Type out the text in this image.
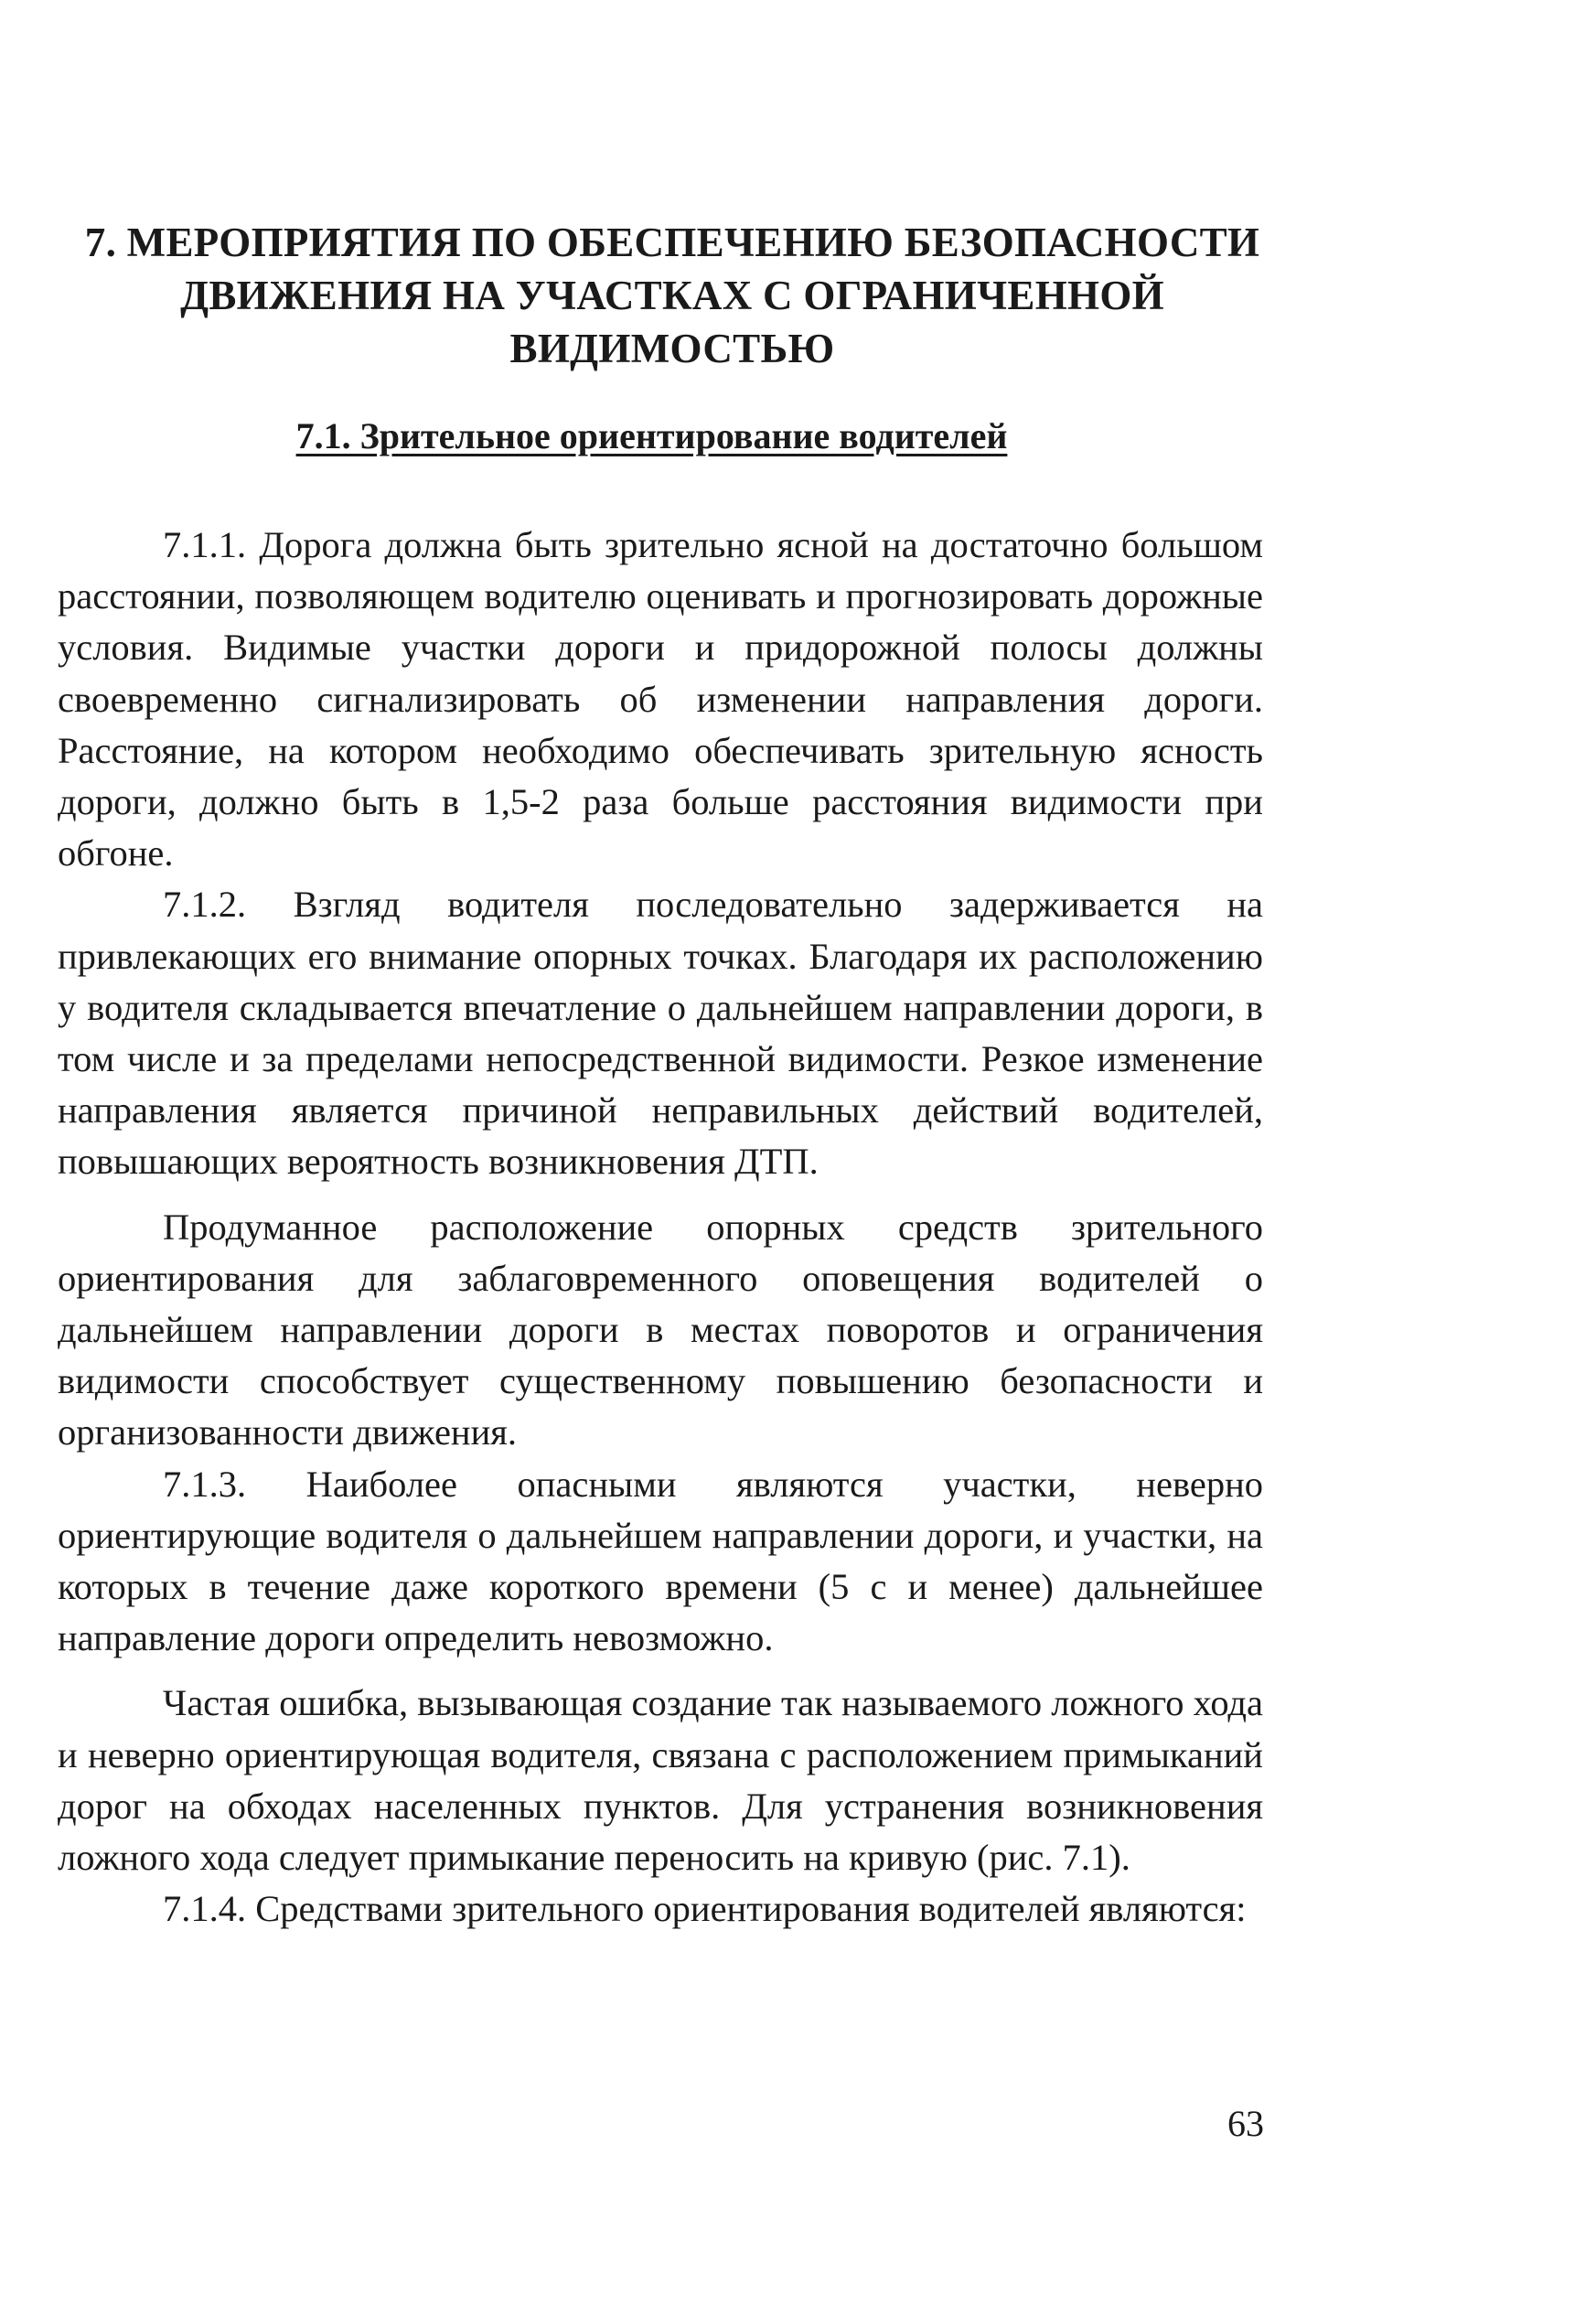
7. МЕРОПРИЯТИЯ ПО ОБЕСПЕЧЕНИЮ БЕЗОПАСНОСТИ
ДВИЖЕНИЯ НА УЧАСТКАХ С ОГРАНИЧЕННОЙ
ВИДИМОСТЬЮ
7.1. Зрительное ориентирование водителей

7.1.1. Дорога должна быть зрительно ясной на достаточно большом расстоянии, позволяющем водителю оценивать и прогнозировать дорожные условия. Видимые участки дороги и придорожной полосы должны своевременно сигнализировать об изменении направления дороги. Расстояние, на котором необходимо обеспечивать зрительную ясность дороги, должно быть в 1,5-2 раза больше расстояния видимости при обгоне.

7.1.2. Взгляд водителя последовательно задерживается на привлекающих его внимание опорных точках. Благодаря их расположению у водителя складывается впечатление о дальнейшем направлении дороги, в том числе и за пределами непосредственной видимости. Резкое изменение направления является причиной неправильных действий водителей, повышающих вероятность возникновения ДТП.

Продуманное расположение опорных средств зрительного ориентирования для заблаговременного оповещения водителей о дальнейшем направлении дороги в местах поворотов и ограничения видимости способствует существенному повышению безопасности и организованности движения.

7.1.3. Наиболее опасными являются участки, неверно ориентирующие водителя о дальнейшем направлении дороги, и участки, на которых в течение даже короткого времени (5 с и менее) дальнейшее направление дороги определить невозможно.

Частая ошибка, вызывающая создание так называемого ложного хода и неверно ориентирующая водителя, связана с расположением примыканий дорог на обходах населенных пунктов. Для устранения возникновения ложного хода следует примыкание переносить на кривую (рис. 7.1).

7.1.4. Средствами зрительного ориентирования водителей являются:

63
